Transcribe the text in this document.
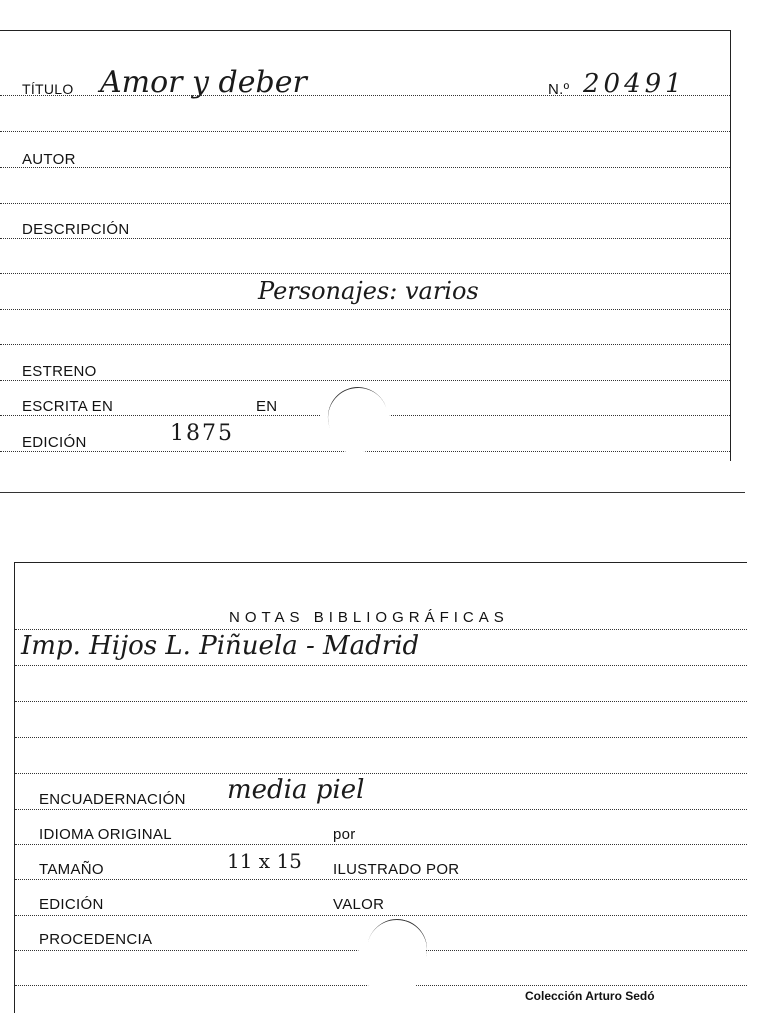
TÍTULO Amor y deber	N.º 20491
AUTOR
DESCRIPCIÓN
Personajes: varios
ESTRENO
ESCRITA EN	EN
EDICIÓN	1875
NOTAS BIBLIOGRÁFICAS
Imp. Hijos L. Piñuela - Madrid
ENCUADERNACIÓN media piel
IDIOMA ORIGINAL	por
TAMAÑO	11 x 15 ILUSTRADO POR
EDICIÓN	VALOR
PROCEDENCIA
Colección Arturo Sedó
